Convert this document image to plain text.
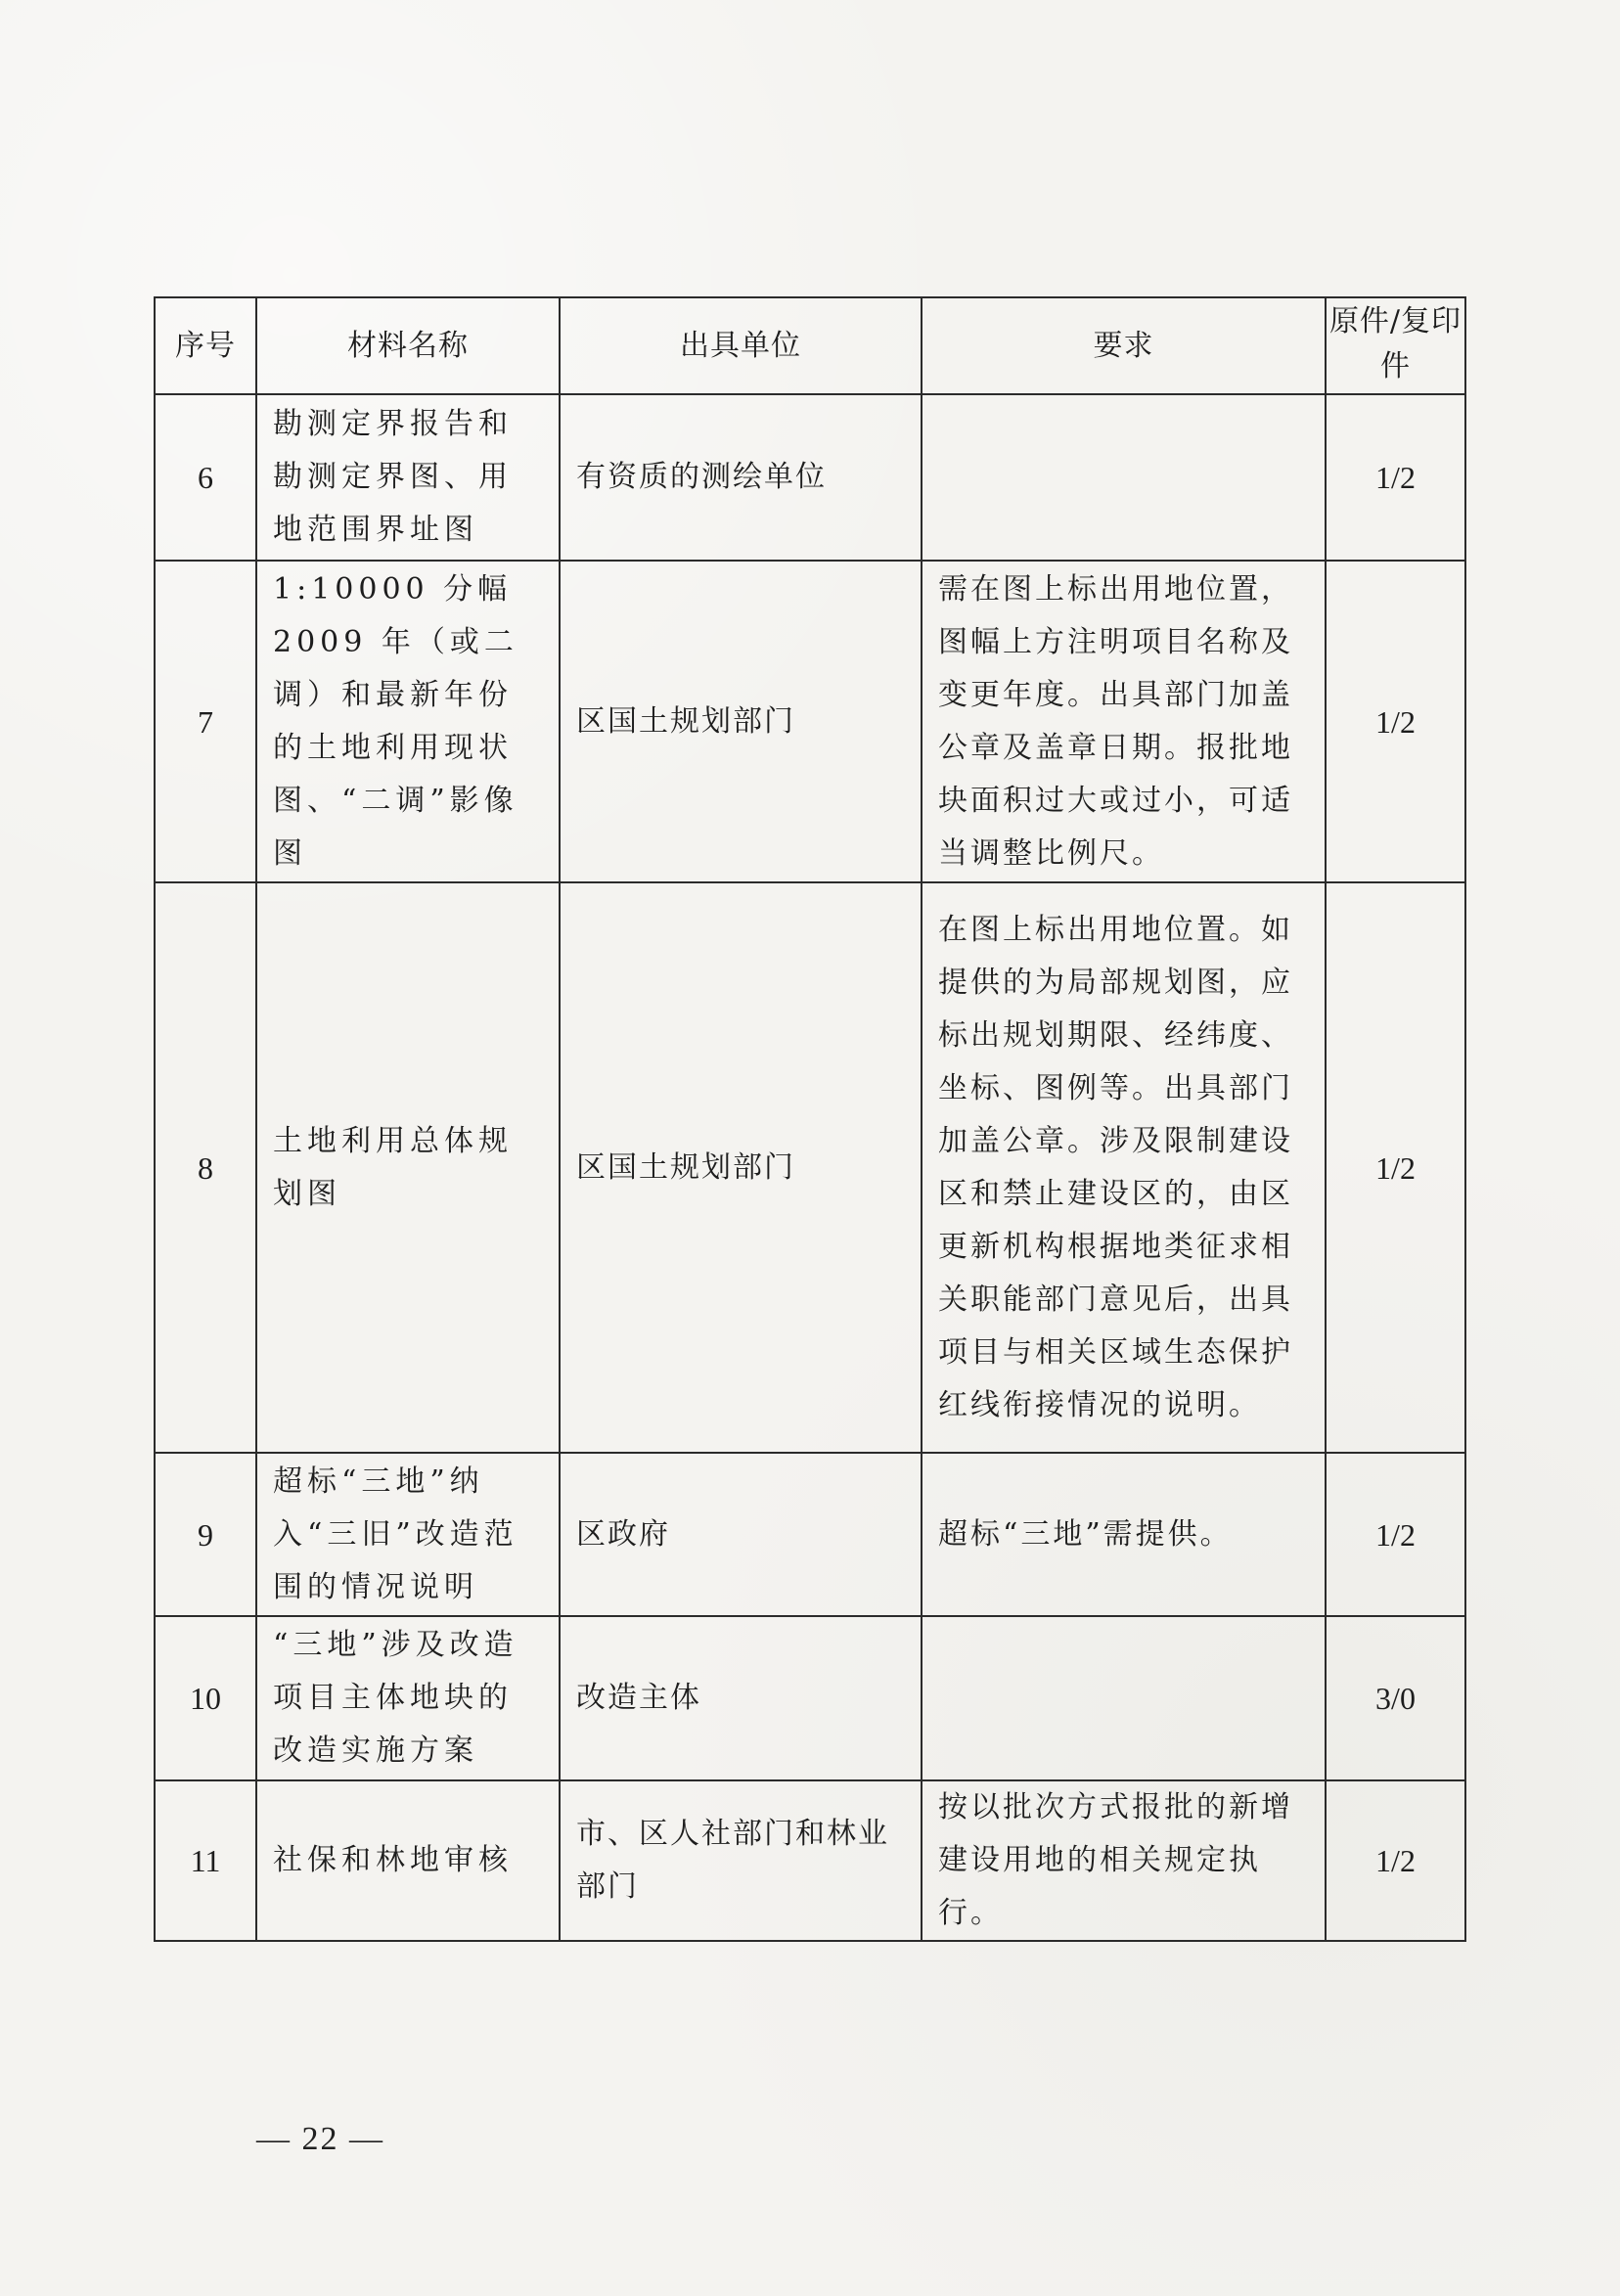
序号	材料名称	出具单位	要求	原件/复印件

6	勘测定界报告和勘测定界图、用地范围界址图	有资质的测绘单位		1/2

7	1:10000 分幅 2009 年（或二调）和最新年份的土地利用现状图、“二调”影像图	区国土规划部门	需在图上标出用地位置，图幅上方注明项目名称及变更年度。出具部门加盖公章及盖章日期。报批地块面积过大或过小，可适当调整比例尺。	1/2

8	土地利用总体规划图	区国土规划部门	在图上标出用地位置。如提供的为局部规划图，应标出规划期限、经纬度、坐标、图例等。出具部门加盖公章。涉及限制建设区和禁止建设区的，由区更新机构根据地类征求相关职能部门意见后，出具项目与相关区域生态保护红线衔接情况的说明。	1/2

9	超标“三地”纳入“三旧”改造范围的情况说明	区政府	超标“三地”需提供。	1/2

10	“三地”涉及改造项目主体地块的改造实施方案	改造主体		3/0

11	社保和林地审核	市、区人社部门和林业部门	按以批次方式报批的新增建设用地的相关规定执行。	1/2
— 22 —
